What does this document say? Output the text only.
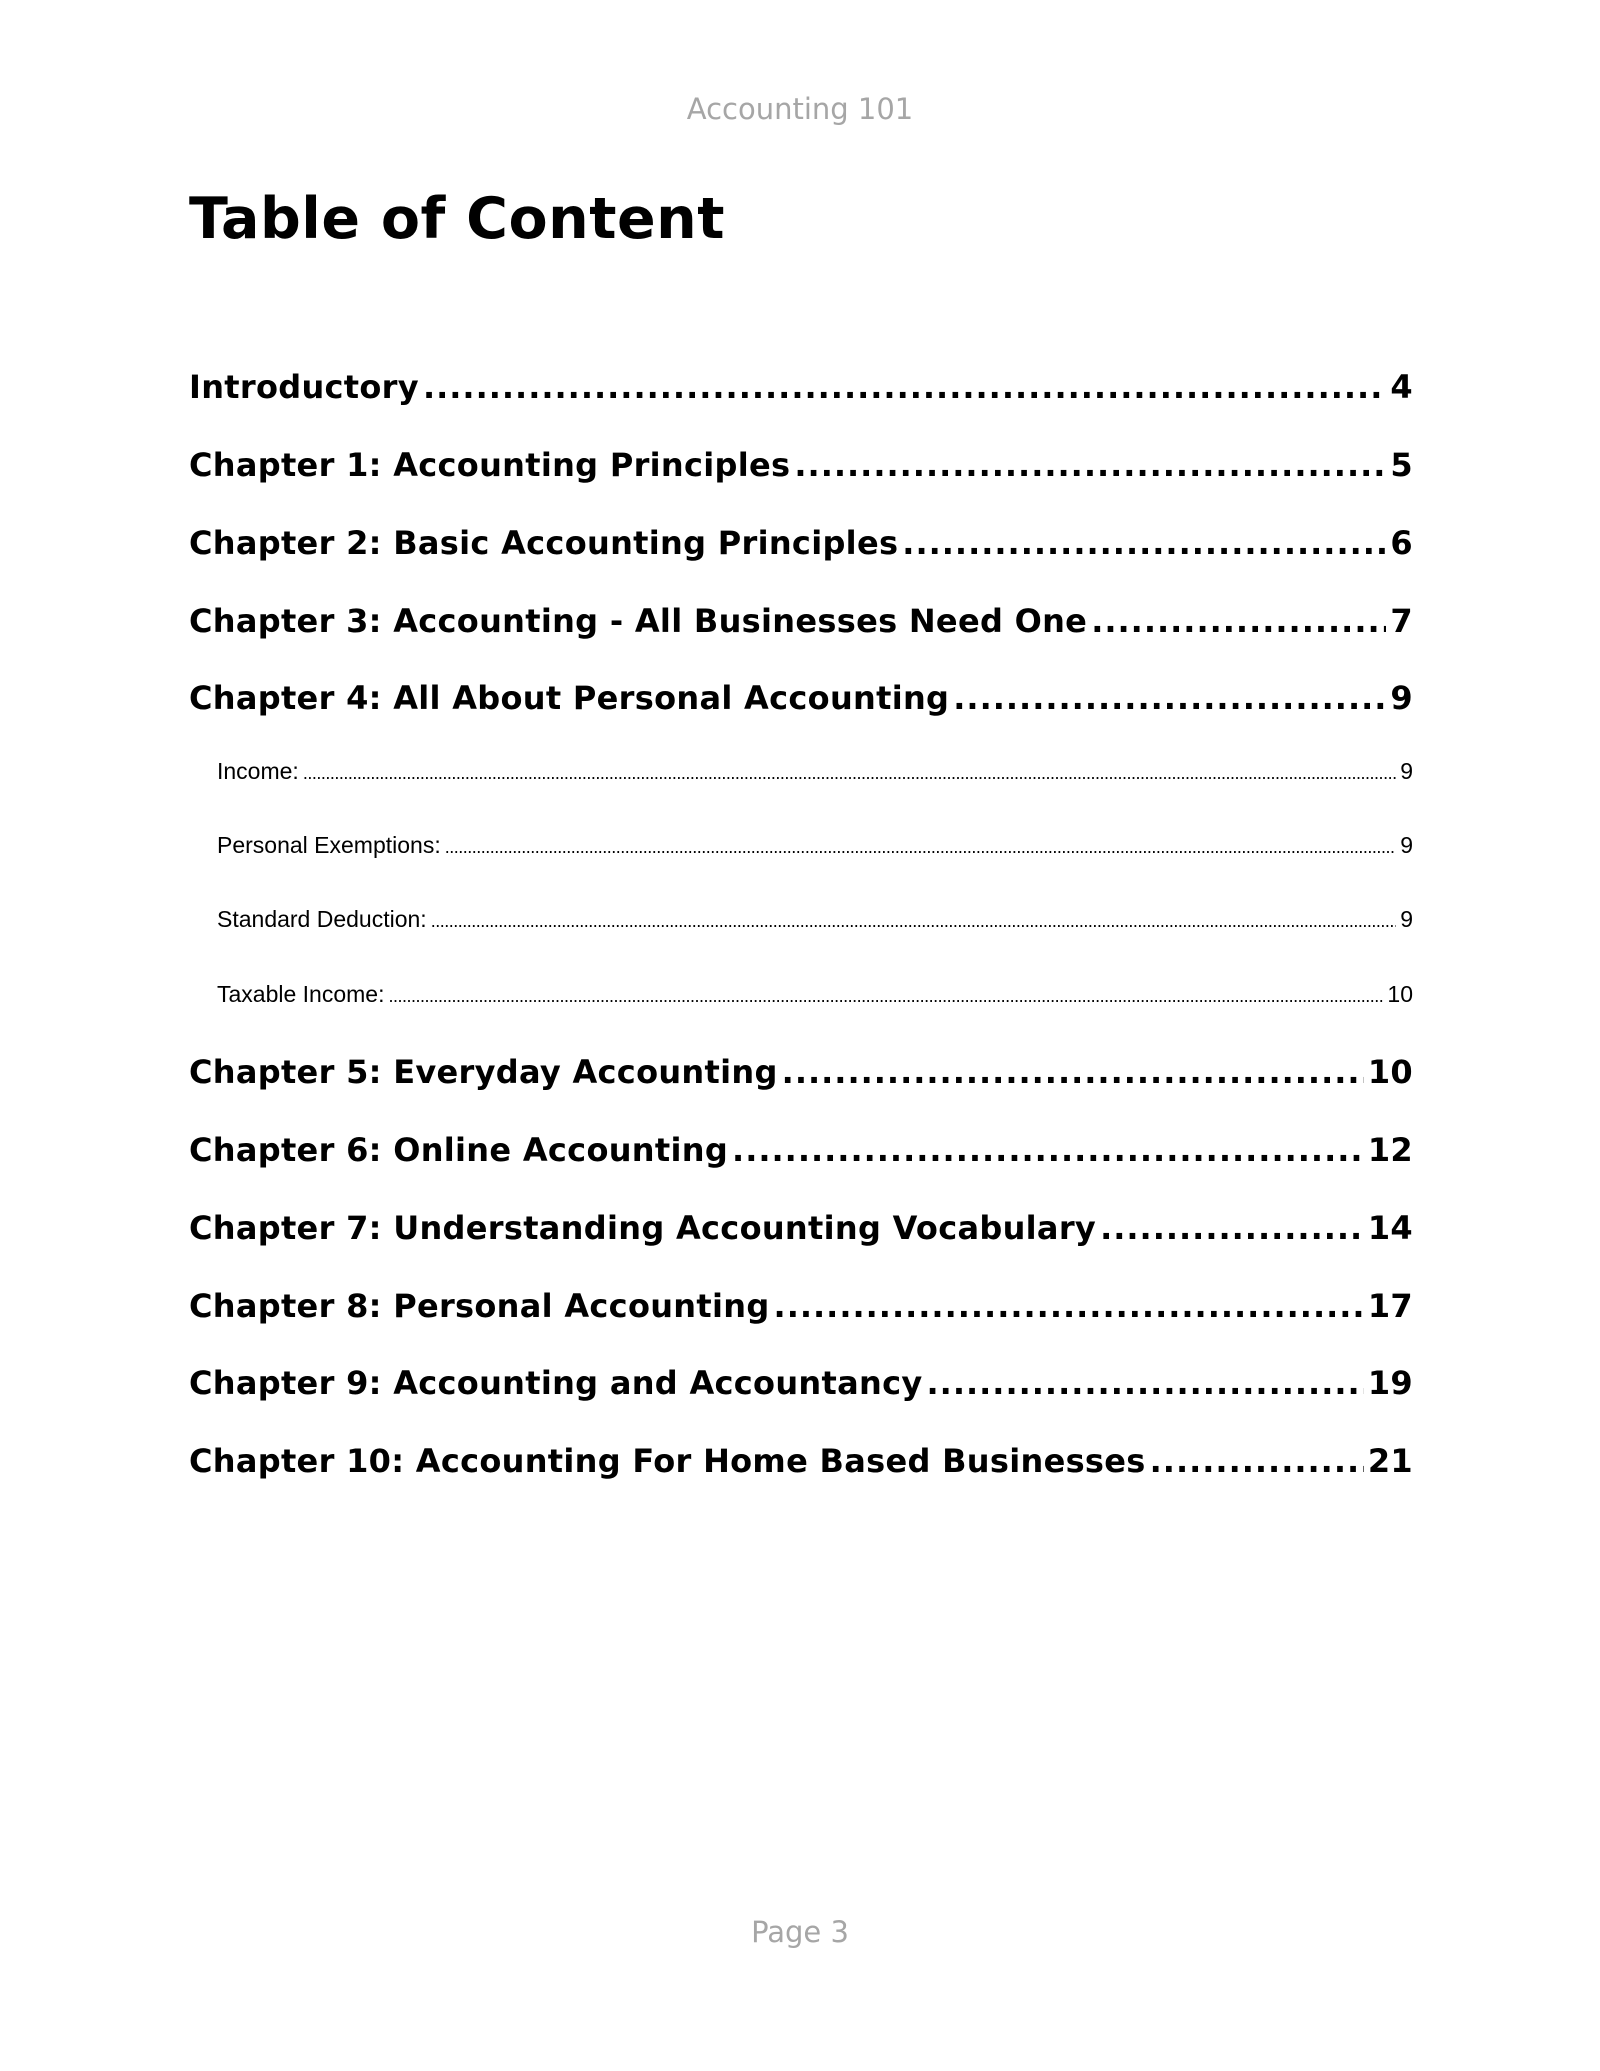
Accounting 101
Table of Content
Introductory .....	4
Chapter 1: Accounting Principles .....	5
Chapter 2: Basic Accounting Principles .....	6
Chapter 3: Accounting - All Businesses Need One .....	7
Chapter 4: All About Personal Accounting .....	9
Income: .....	9
Personal Exemptions: .....	9
Standard Deduction: .....	9
Taxable Income: .....	10
Chapter 5: Everyday Accounting .....	10
Chapter 6: Online Accounting .....	12
Chapter 7: Understanding Accounting Vocabulary .....	14
Chapter 8: Personal Accounting .....	17
Chapter 9: Accounting and Accountancy .....	19
Chapter 10: Accounting For Home Based Businesses .....	21
Page 3
